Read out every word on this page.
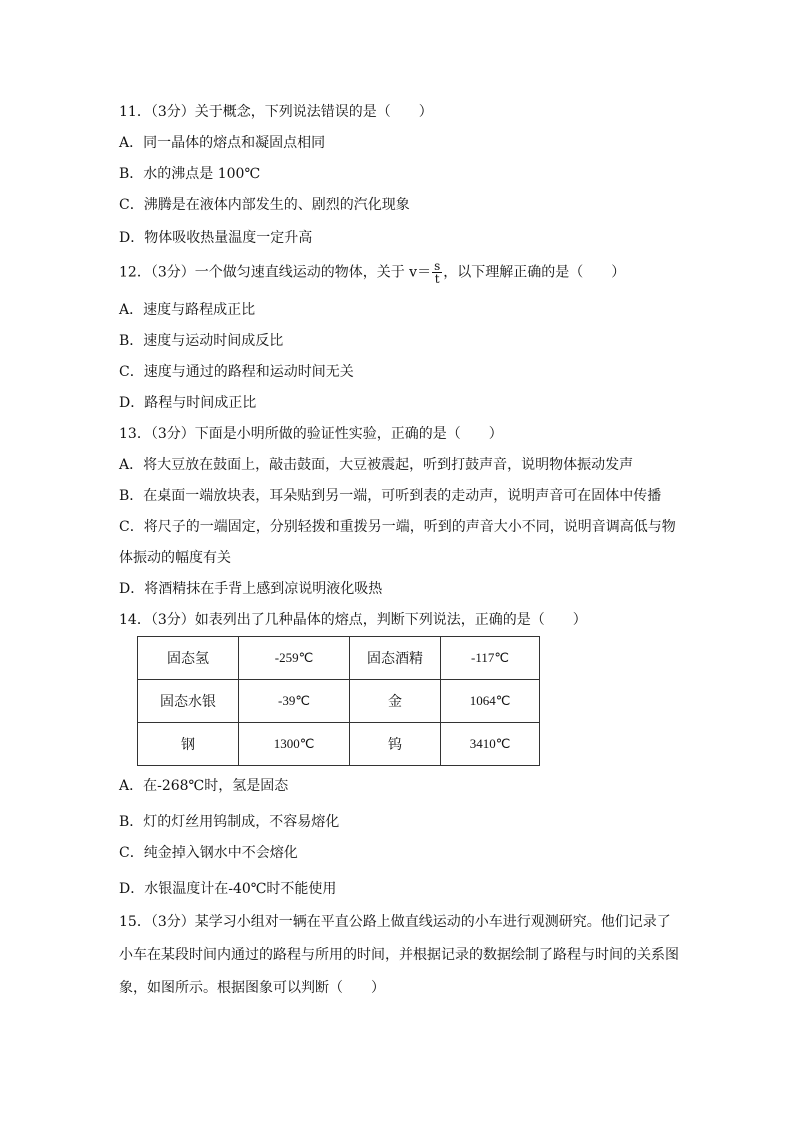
11．（3分）关于概念，下列说法错误的是（　　）
A．同一晶体的熔点和凝固点相同
B．水的沸点是 100℃
C．沸腾是在液体内部发生的、剧烈的汽化现象
D．物体吸收热量温度一定升高
12．（3分）一个做匀速直线运动的物体，关于 $v= \frac{s}{t}$ ，以下理解正确的是（　　）
A．速度与路程成正比
B．速度与运动时间成反比
C．速度与通过的路程和运动时间无关
D．路程与时间成正比
13．（3分）下面是小明所做的验证性实验，正确的是（　　）
A．将大豆放在鼓面上，敲击鼓面，大豆被震起，听到打鼓声音，说明物体振动发声
B．在桌面一端放块表，耳朵贴到另一端，可听到表的走动声，说明声音可在固体中传播
C．将尺子的一端固定，分别轻拨和重拨另一端，听到的声音大小不同，说明音调高低与物
体振动的幅度有关
D．将酒精抹在手背上感到凉说明液化吸热
14．（3分）如表列出了几种晶体的熔点，判断下列说法，正确的是（　　）
固态氢	-259℃	固态酒精	-117℃
固态水银	-39℃	金	1064℃
钢	1300℃	钨	3410℃
A．在-268℃时，氢是固态
B．灯的灯丝用钨制成，不容易熔化
C．纯金掉入钢水中不会熔化
D．水银温度计在-40℃时不能使用
15．（3分）某学习小组对一辆在平直公路上做直线运动的小车进行观测研究。他们记录了
小车在某段时间内通过的路程与所用的时间，并根据记录的数据绘制了路程与时间的关系图
象，如图所示。根据图象可以判断（　　）
